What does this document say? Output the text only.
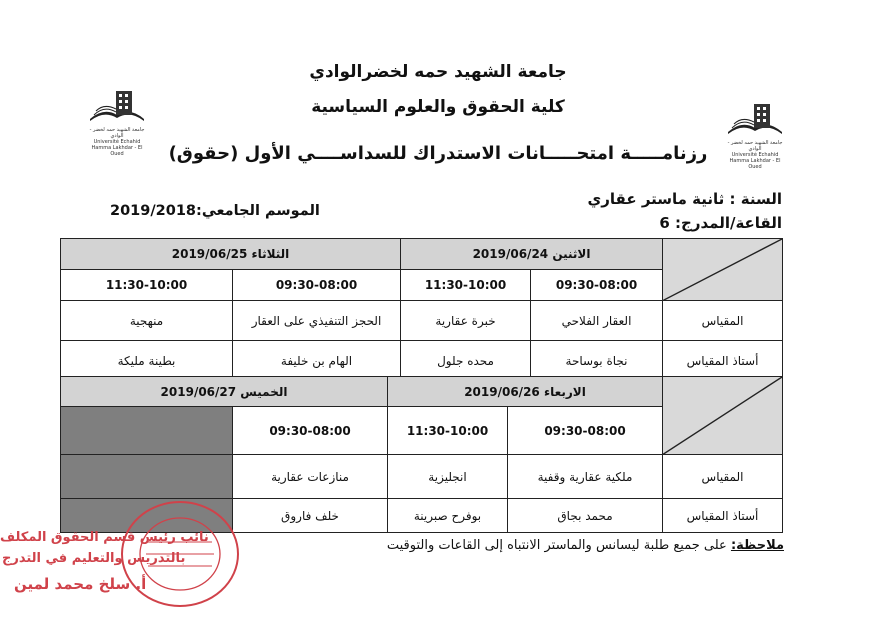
جامعة الشهيد حمه لخضرالوادي
كلية الحقوق والعلوم السياسية
رزنامـــــة امتحـــــانات الاستدراك للسداســــي الأول (حقوق)
جامعة الشهيد حمه لخضر - الوادي
Université Echahid Hamma Lakhdar - El Oued
جامعة الشهيد حمه لخضر - الوادي
Université Echahid Hamma Lakhdar - El Oued
السنة : ثانية ماستر عقاري
القاعة/المدرج: 6
الموسم الجامعي:2019/2018
	الاثنين 2019/06/24		الثلاثاء 2019/06/25	
	09:30-08:00	11:30-10:00	09:30-08:00	11:30-10:00
المقياس	العقار الفلاحي	خبرة عقارية	الحجز التنفيذي على العقار	منهجية
أستاذ المقياس	نجاة بوساحة	محده جلول	الهام بن خليفة	بطينة مليكة
	الاربعاء 2019/06/26		الخميس 2019/06/27	
	09:30-08:00	11:30-10:00	09:30-08:00	
المقياس	ملكية عقارية وقفية	انجليزية	منازعات عقارية	
أستاذ المقياس	محمد بجاق	بوفرح صبرينة	خلف فاروق	
ملاحظة: على جميع طلبة ليسانس والماستر الانتباه إلى القاعات والتوقيت
نائب رئيس قسم الحقوق المكلف
بالتدريس والتعليم في التدرج
أ. سلخ محمد لمين
